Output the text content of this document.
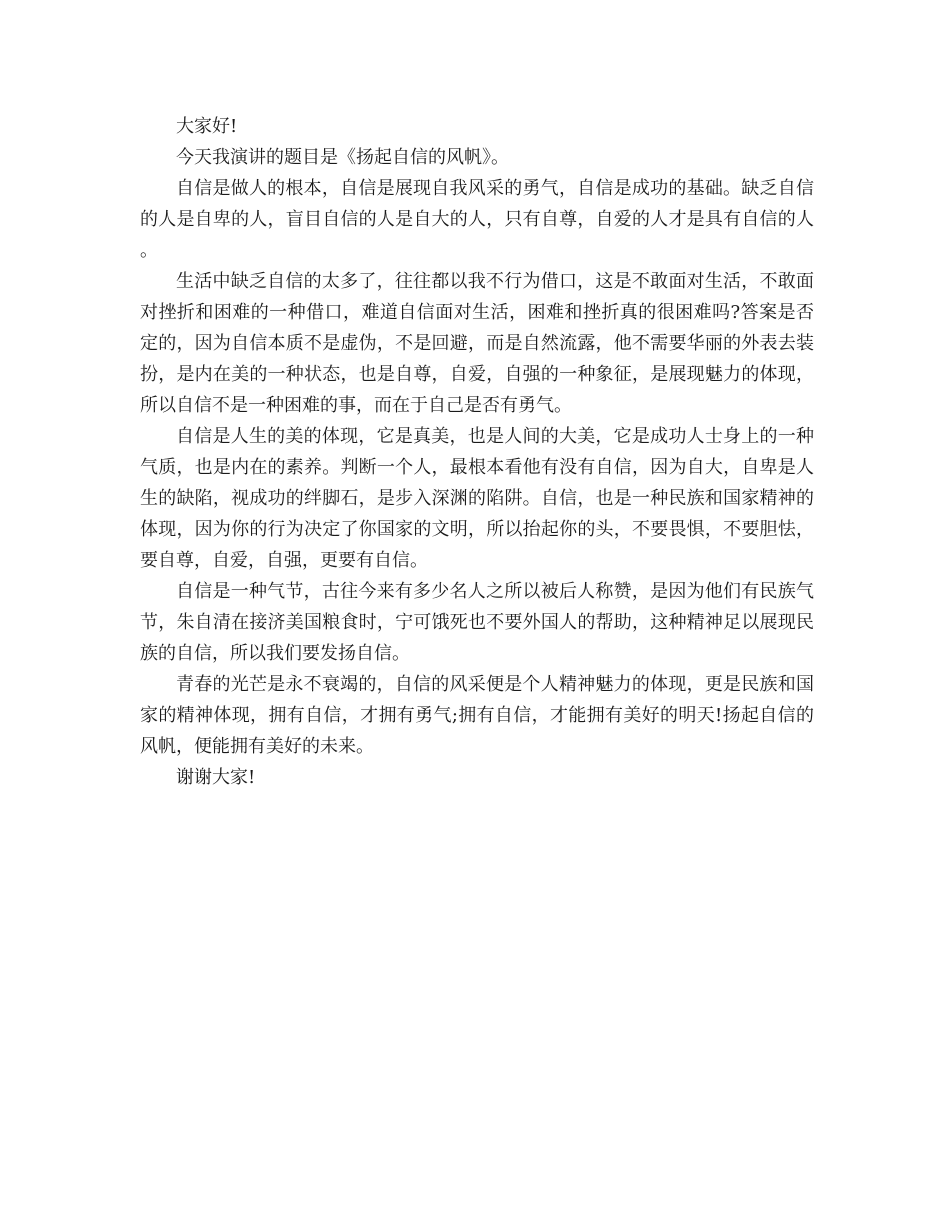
大家好!

今天我演讲的题目是《扬起自信的风帆》。

自信是做人的根本，自信是展现自我风采的勇气，自信是成功的基础。缺乏自信的人是自卑的人，盲目自信的人是自大的人，只有自尊，自爱的人才是具有自信的人。

生活中缺乏自信的太多了，往往都以我不行为借口，这是不敢面对生活，不敢面对挫折和困难的一种借口，难道自信面对生活，困难和挫折真的很困难吗?答案是否定的，因为自信本质不是虚伪，不是回避，而是自然流露，他不需要华丽的外表去装扮，是内在美的一种状态，也是自尊，自爱，自强的一种象征，是展现魅力的体现，所以自信不是一种困难的事，而在于自己是否有勇气。

自信是人生的美的体现，它是真美，也是人间的大美，它是成功人士身上的一种气质，也是内在的素养。判断一个人，最根本看他有没有自信，因为自大，自卑是人生的缺陷，视成功的绊脚石，是步入深渊的陷阱。自信，也是一种民族和国家精神的体现，因为你的行为决定了你国家的文明，所以抬起你的头，不要畏惧，不要胆怯，要自尊，自爱，自强，更要有自信。

自信是一种气节，古往今来有多少名人之所以被后人称赞，是因为他们有民族气节，朱自清在接济美国粮食时，宁可饿死也不要外国人的帮助，这种精神足以展现民族的自信，所以我们要发扬自信。

青春的光芒是永不衰竭的，自信的风采便是个人精神魅力的体现，更是民族和国家的精神体现，拥有自信，才拥有勇气;拥有自信，才能拥有美好的明天!扬起自信的风帆，便能拥有美好的未来。

谢谢大家!
